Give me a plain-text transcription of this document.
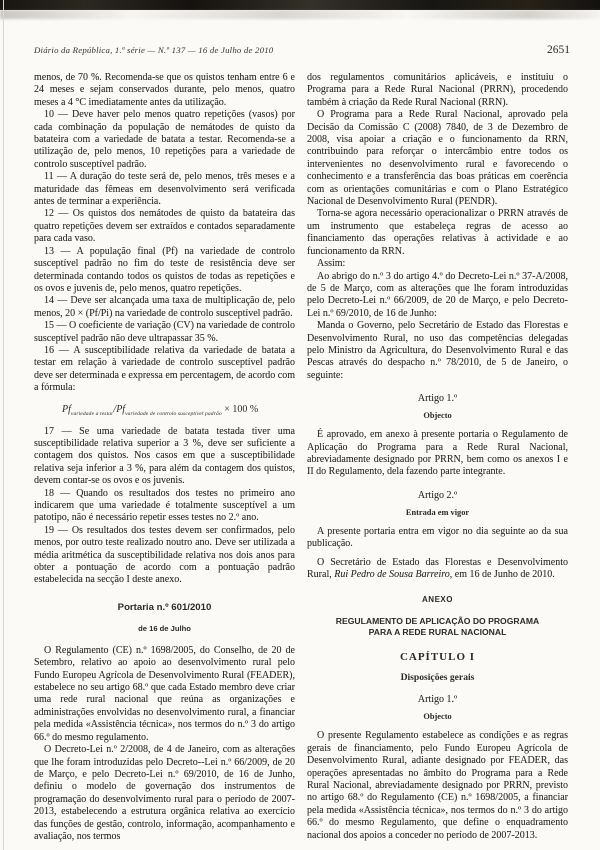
Diário da República, 1.ª série — N.º 137 — 16 de Julho de 2010	2651

menos, de 70 %. Recomenda-se que os quistos tenham entre 6 e 24 meses e sejam conservados durante, pelo menos, quatro meses a 4 °C imediatamente antes da utilização.

10 — Deve haver pelo menos quatro repetições (vasos) por cada combinação da população de nemátodes de quisto da batateira com a variedade de batata a testar. Recomenda-se a utilização de, pelo menos, 10 repetições para a variedade de controlo susceptível padrão.

11 — A duração do teste será de, pelo menos, três meses e a maturidade das fêmeas em desenvolvimento será verificada antes de terminar a experiência.

12 — Os quistos dos nemátodes de quisto da batateira das quatro repetições devem ser extraídos e contados separadamente para cada vaso.

13 — A população final (Pf) na variedade de controlo susceptível padrão no fim do teste de resistência deve ser determinada contando todos os quistos de todas as repetições e os ovos e juvenis de, pelo menos, quatro repetições.

14 — Deve ser alcançada uma taxa de multiplicação de, pelo menos, 20 × (Pf/Pi) na variedade de controlo susceptível padrão.

15 — O coeficiente de variação (CV) na variedade de controlo susceptível padrão não deve ultrapassar 35 %.

16 — A susceptibilidade relativa da variedade de batata a testar em relação à variedade de controlo susceptível padrão deve ser determinada e expressa em percentagem, de acordo com a fórmula:

$Pf_{variedade a testar}/Pf_{variedade de controlo susceptível padrão} \times 100$ %

17 — Se uma variedade de batata testada tiver uma susceptibilidade relativa superior a 3 %, deve ser suficiente a contagem dos quistos. Nos casos em que a susceptibilidade relativa seja inferior a 3 %, para além da contagem dos quistos, devem contar-se os ovos e os juvenis.

18 — Quando os resultados dos testes no primeiro ano indicarem que uma variedade é totalmente susceptível a um patotipo, não é necessário repetir esses testes no 2.º ano.

19 — Os resultados dos testes devem ser confirmados, pelo menos, por outro teste realizado noutro ano. Deve ser utilizada a média aritmética da susceptibilidade relativa nos dois anos para obter a pontuação de acordo com a pontuação padrão estabelecida na secção I deste anexo.

Portaria n.º 601/2010
de 16 de Julho

O Regulamento (CE) n.º 1698/2005, do Conselho, de 20 de Setembro, relativo ao apoio ao desenvolvimento rural pelo Fundo Europeu Agrícola de Desenvolvimento Rural (FEADER), estabelece no seu artigo 68.º que cada Estado membro deve criar uma rede rural nacional que reúna as organizações e administrações envolvidas no desenvolvimento rural, a financiar pela medida «Assistência técnica», nos termos do n.º 3 do artigo 66.º do mesmo regulamento.

O Decreto-Lei n.º 2/2008, de 4 de Janeiro, com as alterações que lhe foram introduzidas pelo Decreto--Lei n.º 66/2009, de 20 de Março, e pelo Decreto-Lei n.º 69/2010, de 16 de Junho, definiu o modelo de governação dos instrumentos de programação do desenvolvimento rural para o período de 2007-2013, estabelecendo a estrutura orgânica relativa ao exercício das funções de gestão, controlo, informação, acompanhamento e avaliação, nos termos

dos regulamentos comunitários aplicáveis, e instituiu o Programa para a Rede Rural Nacional (PRRN), procedendo também à criação da Rede Rural Nacional (RRN).

O Programa para a Rede Rural Nacional, aprovado pela Decisão da Comissão C (2008) 7840, de 3 de Dezembro de 2008, visa apoiar a criação e o funcionamento da RRN, contribuindo para reforçar o intercâmbio entre todos os intervenientes no desenvolvimento rural e favorecendo o conhecimento e a transferência das boas práticas em coerência com as orientações comunitárias e com o Plano Estratégico Nacional de Desenvolvimento Rural (PENDR).

Torna-se agora necessário operacionalizar o PRRN através de um instrumento que estabeleça regras de acesso ao financiamento das operações relativas à actividade e ao funcionamento da RRN.

Assim:

Ao abrigo do n.º 3 do artigo 4.º do Decreto-Lei n.º 37-A/2008, de 5 de Março, com as alterações que lhe foram introduzidas pelo Decreto-Lei n.º 66/2009, de 20 de Março, e pelo Decreto-Lei n.º 69/2010, de 16 de Junho:

Manda o Governo, pelo Secretário de Estado das Florestas e Desenvolvimento Rural, no uso das competências delegadas pelo Ministro da Agricultura, do Desenvolvimento Rural e das Pescas através do despacho n.º 78/2010, de 5 de Janeiro, o seguinte:

Artigo 1.º
Objecto

É aprovado, em anexo à presente portaria o Regulamento de Aplicação do Programa para a Rede Rural Nacional, abreviadamente designado por PRRN, bem como os anexos I e II do Regulamento, dela fazendo parte integrante.

Artigo 2.º
Entrada em vigor

A presente portaria entra em vigor no dia seguinte ao da sua publicação.

O Secretário de Estado das Florestas e Desenvolvimento Rural, Rui Pedro de Sousa Barreiro, em 16 de Junho de 2010.

ANEXO
REGULAMENTO DE APLICAÇÃO DO PROGRAMA
PARA A REDE RURAL NACIONAL
CAPÍTULO I
Disposições gerais
Artigo 1.º
Objecto

O presente Regulamento estabelece as condições e as regras gerais de financiamento, pelo Fundo Europeu Agrícola de Desenvolvimento Rural, adiante designado por FEADER, das operações apresentadas no âmbito do Programa para a Rede Rural Nacional, abreviadamente designado por PRRN, previsto no artigo 68.º do Regulamento (CE) n.º 1698/2005, a financiar pela medida «Assistência técnica», nos termos do n.º 3 do artigo 66.º do mesmo Regulamento, que define o enquadramento nacional dos apoios a conceder no período de 2007-2013.
